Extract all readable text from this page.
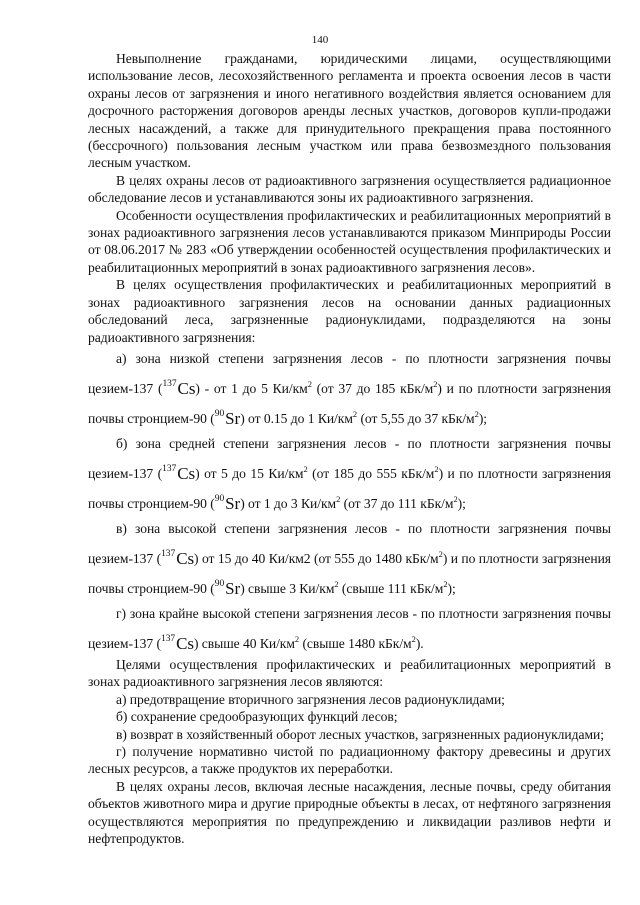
140

Невыполнение гражданами, юридическими лицами, осуществляющими использование лесов, лесохозяйственного регламента и проекта освоения лесов в части охраны лесов от загрязнения и иного негативного воздействия является основанием для досрочного расторжения договоров аренды лесных участков, договоров купли-продажи лесных насаждений, а также для принудительного прекращения права постоянного (бессрочного) пользования лесным участком или права безвозмездного пользования лесным участком.

В целях охраны лесов от радиоактивного загрязнения осуществляется радиационное обследование лесов и устанавливаются зоны их радиоактивного загрязнения.

Особенности осуществления профилактических и реабилитационных мероприятий в зонах радиоактивного загрязнения лесов устанавливаются приказом Минприроды России от 08.06.2017 № 283 «Об утверждении особенностей осуществления профилактических и реабилитационных мероприятий в зонах радиоактивного загрязнения лесов».

В целях осуществления профилактических и реабилитационных мероприятий в зонах радиоактивного загрязнения лесов на основании данных радиационных обследований леса, загрязненные радионуклидами, подразделяются на зоны радиоактивного загрязнения:

а) зона низкой степени загрязнения лесов - по плотности загрязнения почвы цезием-137 ($^{137}$Cs) - от 1 до 5 $Ки/км^2$ (от 37 до 185 кБк/$м^2$) и по плотности загрязнения почвы стронцием-90 ($^{90}$Sr) от 0.15 до 1 $Ки/км^2$ (от 5,55 до 37 кБк/$м^2$);

б) зона средней степени загрязнения лесов - по плотности загрязнения почвы цезием-137 ($^{137}$Cs) от 5 до 15 $Ки/км^2$ (от 185 до 555 кБк/$м^2$) и по плотности загрязнения почвы стронцием-90 ($^{90}$Sr) от 1 до 3 $Ки/км^2$ (от 37 до 111 кБк/$м^2$);

в) зона высокой степени загрязнения лесов - по плотности загрязнения почвы цезием-137 ($^{137}$Cs) от 15 до 40 Ки/км2 (от 555 до 1480 кБк/$м^2$) и по плотности загрязнения почвы стронцием-90 ($^{90}$Sr) свыше 3 $Ки/км^2$ (свыше 111 кБк/$м^2$);

г) зона крайне высокой степени загрязнения лесов - по плотности загрязнения почвы цезием-137 ($^{137}$Cs) свыше 40 $Ки/км^2$ (свыше 1480 кБк/$м^2$).

Целями осуществления профилактических и реабилитационных мероприятий в зонах радиоактивного загрязнения лесов являются:

а) предотвращение вторичного загрязнения лесов радионуклидами;

б) сохранение средообразующих функций лесов;

в) возврат в хозяйственный оборот лесных участков, загрязненных радионуклидами;

г) получение нормативно чистой по радиационному фактору древесины и других лесных ресурсов, а также продуктов их переработки.

В целях охраны лесов, включая лесные насаждения, лесные почвы, среду обитания объектов животного мира и другие природные объекты в лесах, от нефтяного загрязнения осуществляются мероприятия по предупреждению и ликвидации разливов нефти и нефтепродуктов.
